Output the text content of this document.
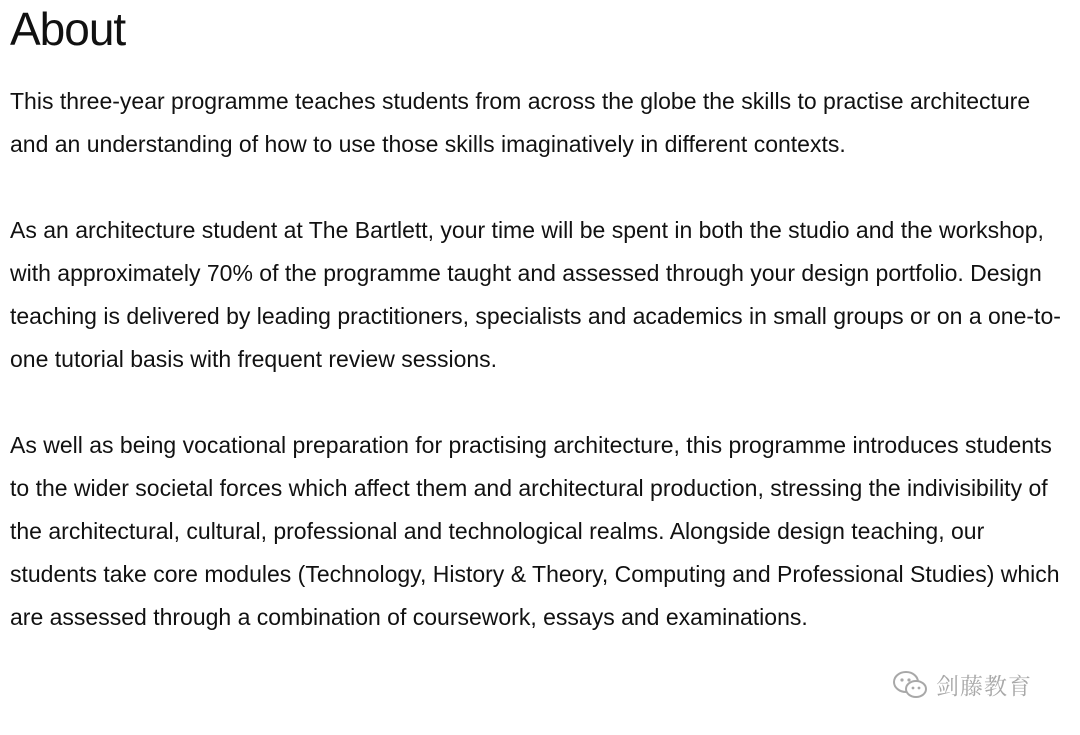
About

This three-year programme teaches students from across the globe the skills to practise architecture and an understanding of how to use those skills imaginatively in different contexts.

As an architecture student at The Bartlett, your time will be spent in both the studio and the workshop, with approximately 70% of the programme taught and assessed through your design portfolio. Design teaching is delivered by leading practitioners, specialists and academics in small groups or on a one-to-one tutorial basis with frequent review sessions.

As well as being vocational preparation for practising architecture, this programme introduces students to the wider societal forces which affect them and architectural production, stressing the indivisibility of the architectural, cultural, professional and technological realms. Alongside design teaching, our students take core modules (Technology, History & Theory, Computing and Professional Studies) which are assessed through a combination of coursework, essays and examinations.

剑藤教育
